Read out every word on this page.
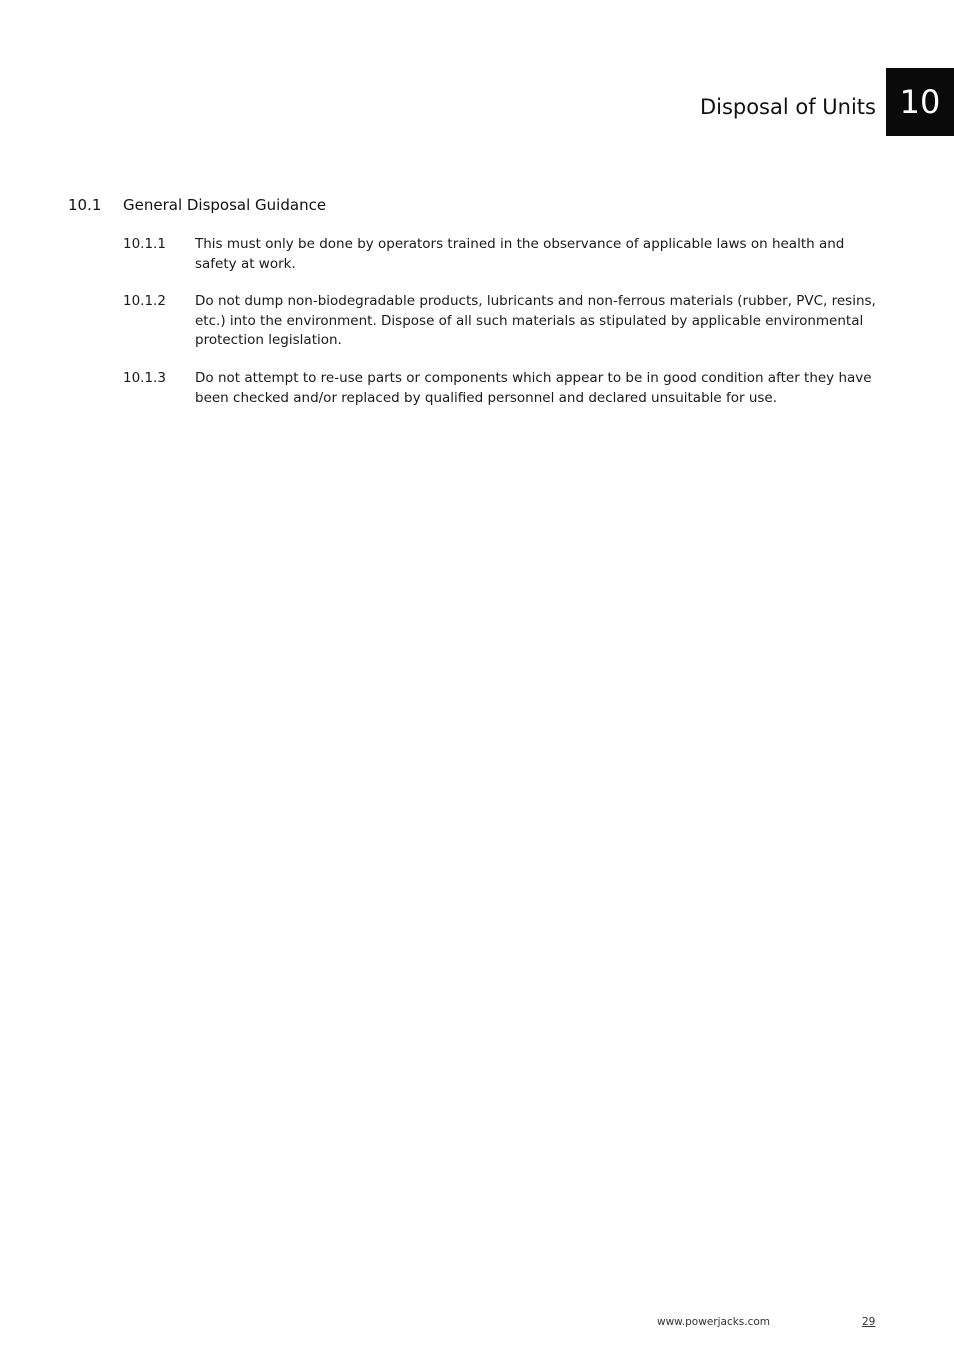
Disposal of Units 10
10.1 General Disposal Guidance
10.1.1	This must only be done by operators trained in the observance of applicable laws on health and safety at work.
10.1.2	Do not dump non-biodegradable products, lubricants and non-ferrous materials (rubber, PVC, resins, etc.) into the environment. Dispose of all such materials as stipulated by applicable environmental protection legislation.
10.1.3	Do not attempt to re-use parts or components which appear to be in good condition after they have been checked and/or replaced by qualified personnel and declared unsuitable for use.
www.powerjacks.com	29
